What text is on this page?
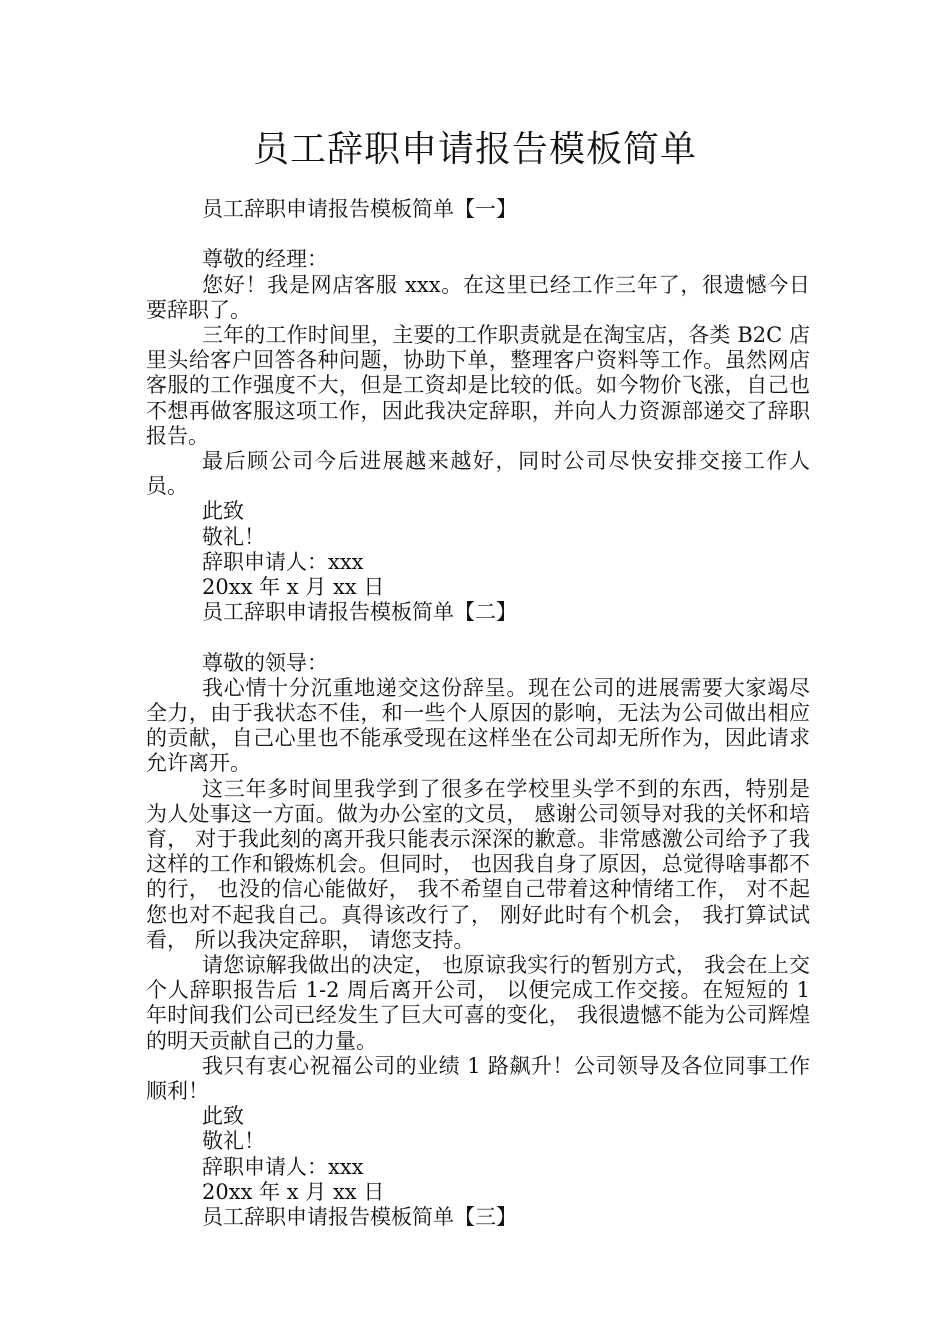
员工辞职申请报告模板简单

员工辞职申请报告模板简单【一】

尊敬的经理：

您好！我是网店客服 xxx。在这里已经工作三年了，很遗憾今日要辞职了。

三年的工作时间里，主要的工作职责就是在淘宝店，各类 B2C 店里头给客户回答各种问题，协助下单，整理客户资料等工作。虽然网店客服的工作强度不大，但是工资却是比较的低。如今物价飞涨，自己也不想再做客服这项工作，因此我决定辞职，并向人力资源部递交了辞职报告。

最后顾公司今后进展越来越好，同时公司尽快安排交接工作人员。

此致

敬礼！

辞职申请人：xxx

20xx 年 x 月 xx 日

员工辞职申请报告模板简单【二】

尊敬的领导：

我心情十分沉重地递交这份辞呈。现在公司的进展需要大家竭尽全力，由于我状态不佳，和一些个人原因的影响，无法为公司做出相应的贡献，自己心里也不能承受现在这样坐在公司却无所作为，因此请求允许离开。

这三年多时间里我学到了很多在学校里头学不到的东西，特别是为人处事这一方面。做为办公室的文员， 感谢公司领导对我的关怀和培育， 对于我此刻的离开我只能表示深深的歉意。非常感激公司给予了我这样的工作和锻炼机会。但同时， 也因我自身了原因，总觉得啥事都不的行， 也没的信心能做好， 我不希望自己带着这种情绪工作， 对不起您也对不起我自己。真得该改行了， 刚好此时有个机会， 我打算试试看， 所以我决定辞职， 请您支持。

请您谅解我做出的决定， 也原谅我实行的暂别方式， 我会在上交个人辞职报告后 1-2 周后离开公司， 以便完成工作交接。在短短的 1 年时间我们公司已经发生了巨大可喜的变化， 我很遗憾不能为公司辉煌的明天贡献自己的力量。

我只有衷心祝福公司的业绩 1 路飙升！公司领导及各位同事工作顺利！

此致

敬礼！

辞职申请人：xxx

20xx 年 x 月 xx 日

员工辞职申请报告模板简单【三】
